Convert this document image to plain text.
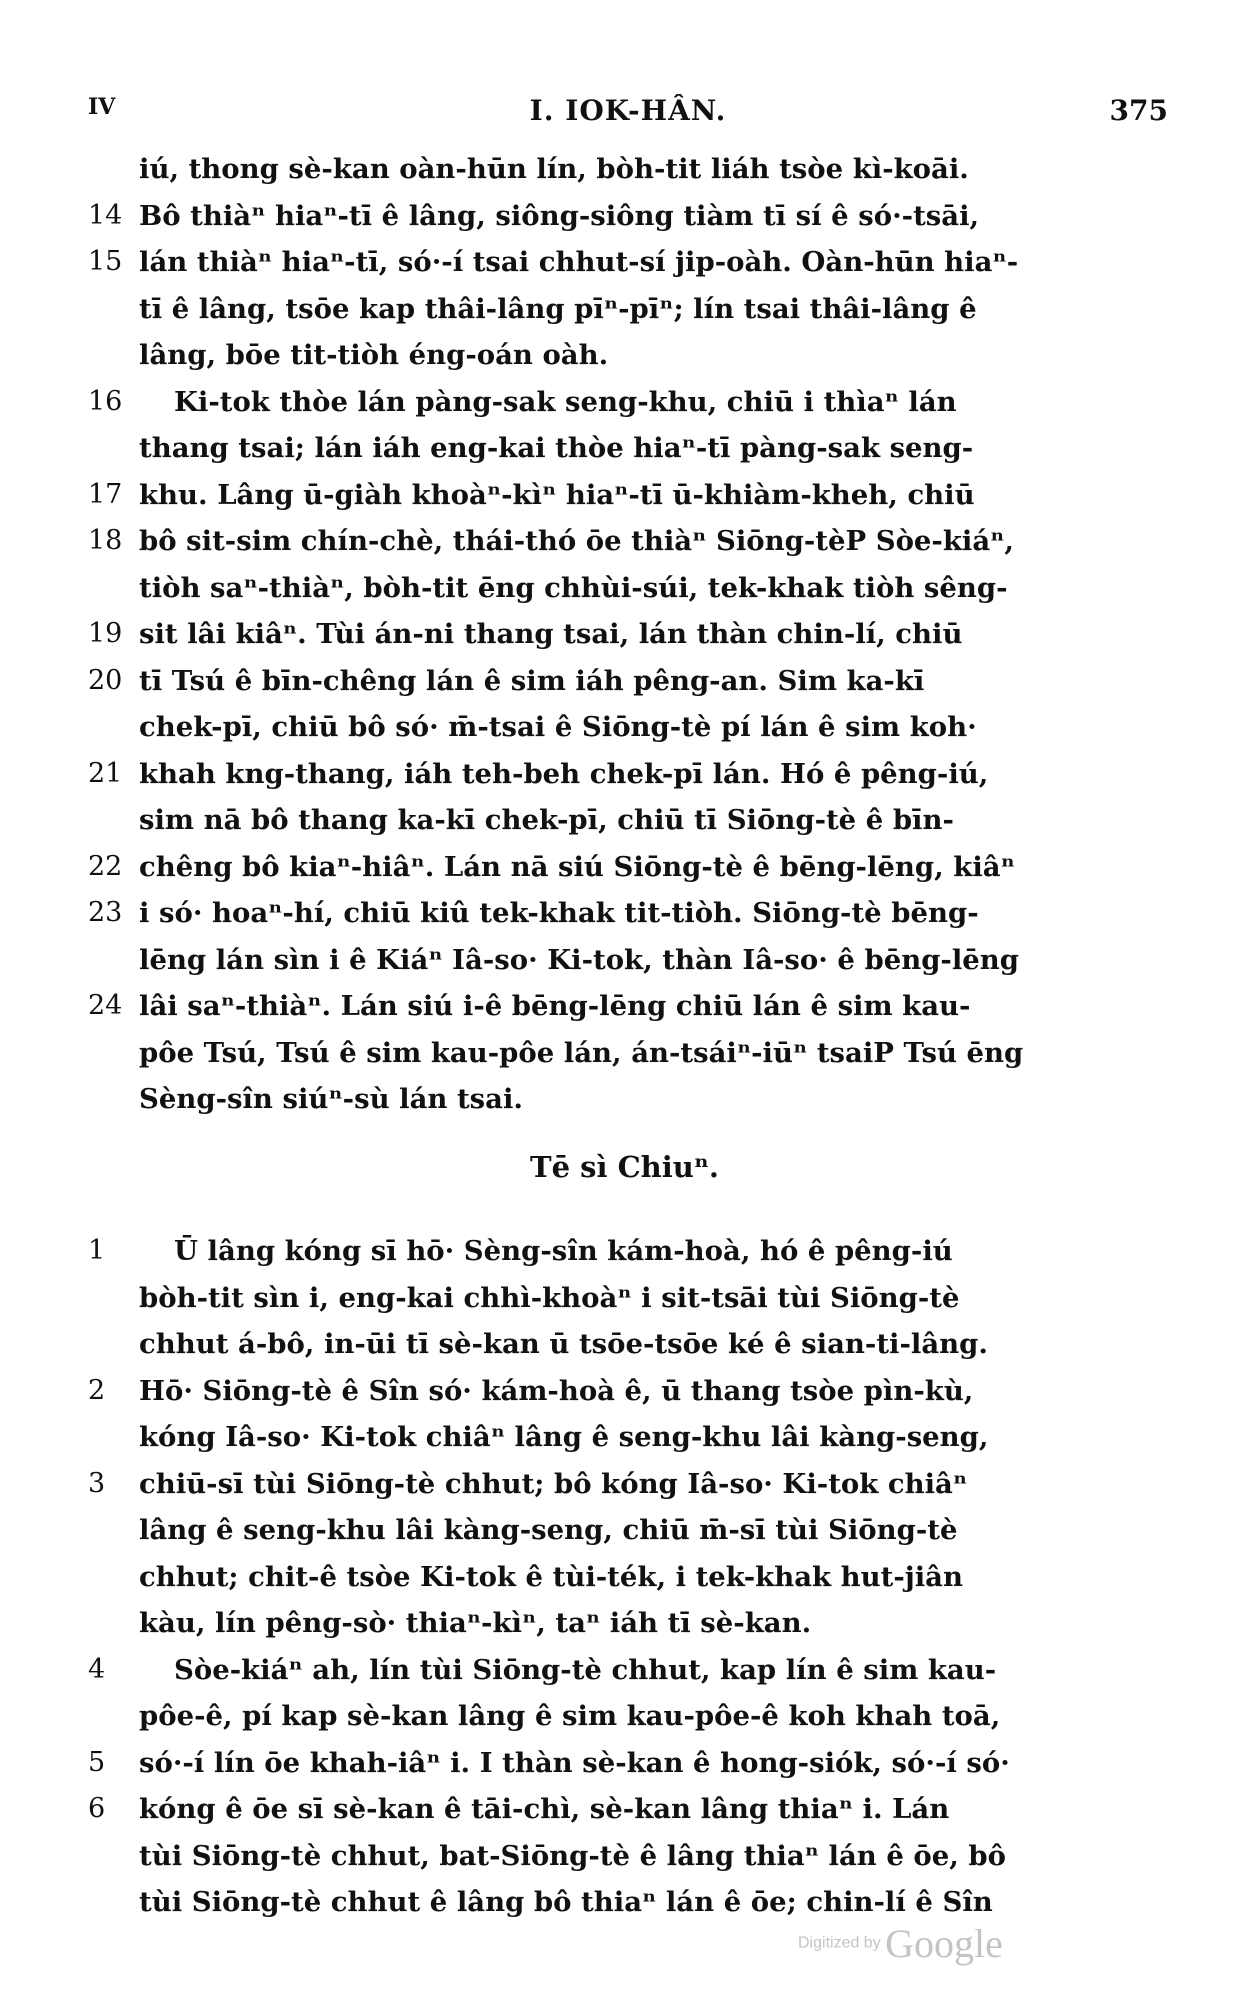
IV	I. IOK-HÂN.	375
iú, thong sè-kan oàn-hūn lín, bòh-tit liáh tsòe kì-koāi.
14 Bô thiàⁿ hiaⁿ-tī ê lâng, siông-siông tiàm tī sí ê só·-tsāi,
15 lán thiàⁿ hiaⁿ-tī, só·-í tsai chhut-sí jip-oàh. Oàn-hūn hiaⁿ-
tī ê lâng, tsōe kap thâi-lâng pīⁿ-pīⁿ; lín tsai thâi-lâng ê
lâng, bōe tit-tiòh éng-oán oàh.
16 Ki-tok thòe lán pàng-sak seng-khu, chiū i thìaⁿ lán
thang tsai; lán iáh eng-kai thòe hiaⁿ-tī pàng-sak seng-
17 khu. Lâng ū-giàh khoàⁿ-kìⁿ hiaⁿ-tī ū-khiàm-kheh, chiū
18 bô sit-sim chín-chè, thái-thó ōe thiàⁿ Siōng-tèP Sòe-kiáⁿ,
tiòh saⁿ-thiàⁿ, bòh-tit ēng chhùi-súi, tek-khak tiòh sêng-
19 sit lâi kiâⁿ. Tùi án-ni thang tsai, lán thàn chin-lí, chiū
20 tī Tsú ê bīn-chêng lán ê sim iáh pêng-an. Sim ka-kī
chek-pī, chiū bô só· m̄-tsai ê Siōng-tè pí lán ê sim koh·
21 khah kng-thang, iáh teh-beh chek-pī lán. Hó ê pêng-iú,
sim nā bô thang ka-kī chek-pī, chiū tī Siōng-tè ê bīn-
22 chêng bô kiaⁿ-hiâⁿ. Lán nā siú Siōng-tè ê bēng-lēng, kiâⁿ
23 i só· hoaⁿ-hí, chiū kiû tek-khak tit-tiòh. Siōng-tè bēng-
lēng lán sìn i ê Kiáⁿ Iâ-so· Ki-tok, thàn Iâ-so· ê bēng-lēng
24 lâi saⁿ-thiàⁿ. Lán siú i-ê bēng-lēng chiū lán ê sim kau-
pôe Tsú, Tsú ê sim kau-pôe lán, án-tsáiⁿ-iūⁿ tsaiP Tsú ēng
Sèng-sîn siúⁿ-sù lán tsai.
Tē sì Chiuⁿ.
1	Ū lâng kóng sī hō· Sèng-sîn kám-hoà, hó ê pêng-iú
bòh-tit sìn i, eng-kai chhì-khoàⁿ i sit-tsāi tùi Siōng-tè
chhut á-bô, in-ūi tī sè-kan ū tsōe-tsōe ké ê sian-ti-lâng.
2	Hō· Siōng-tè ê Sîn só· kám-hoà ê, ū thang tsòe pìn-kù,
kóng Iâ-so· Ki-tok chiâⁿ lâng ê seng-khu lâi kàng-seng,
3	chiū-sī tùi Siōng-tè chhut; bô kóng Iâ-so· Ki-tok chiâⁿ
lâng ê seng-khu lâi kàng-seng, chiū m̄-sī tùi Siōng-tè
chhut; chit-ê tsòe Ki-tok ê tùi-ték, i tek-khak hut-jiân
kàu, lín pêng-sò· thiaⁿ-kìⁿ, taⁿ iáh tī sè-kan.
4	Sòe-kiáⁿ ah, lín tùi Siōng-tè chhut, kap lín ê sim kau-
pôe-ê, pí kap sè-kan lâng ê sim kau-pôe-ê koh khah toā,
5	só·-í lín ōe khah-iâⁿ i. I thàn sè-kan ê hong-siók, só·-í só·
6	kóng ê ōe sī sè-kan ê tāi-chì, sè-kan lâng thiaⁿ i. Lán
tùi Siōng-tè chhut, bat-Siōng-tè ê lâng thiaⁿ lán ê ōe, bô
tùi Siōng-tè chhut ê lâng bô thiaⁿ lán ê ōe; chin-lí ê Sîn
Digitized by Google
